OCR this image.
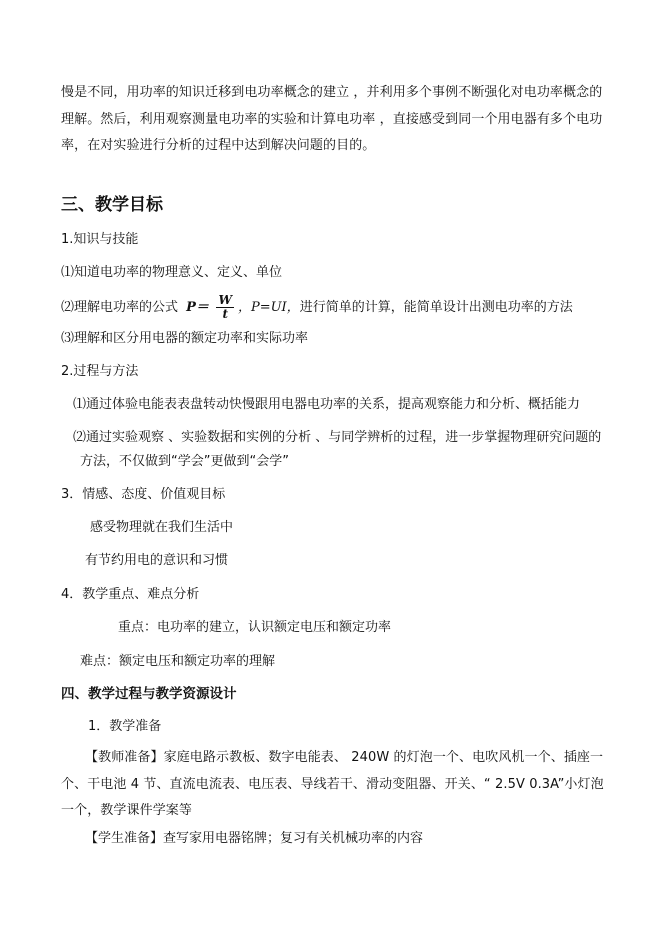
慢是不同，用功率的知识迁移到电功率概念的建立 ，并利用多个事例不断强化对电功率概念的理解。然后，利用观察测量电功率的实验和计算电功率 ，直接感受到同一个用电器有多个电功率，在对实验进行分析的过程中达到解决问题的目的。
三、教学目标
1.知识与技能
⑴知道电功率的物理意义、定义、单位
⑵理解电功率的公式 $P= \frac{W}{t}$ ，P=UI，进行简单的计算，能简单设计出测电功率的方法
⑶理解和区分用电器的额定功率和实际功率
2.过程与方法
⑴通过体验电能表表盘转动快慢跟用电器电功率的关系，提高观察能力和分析、概括能力
⑵通过实验观察 、实验数据和实例的分析 、与同学辨析的过程，进一步掌握物理研究问题的
方法，不仅做到“学会”更做到“会学”
3．情感、态度、价值观目标
感受物理就在我们生活中
有节约用电的意识和习惯
4．教学重点、难点分析
重点：电功率的建立，认识额定电压和额定功率
难点：额定电压和额定功率的理解
四、教学过程与教学资源设计
1．教学准备
【教师准备】家庭电路示教板、数字电能表、 240W 的灯泡一个、电吹风机一个、插座一个、干电池 4 节、直流电流表、电压表、导线若干、滑动变阻器、开关、“ 2.5V 0.3A”小灯泡一个，教学课件学案等
【学生准备】查写家用电器铭牌；复习有关机械功率的内容
